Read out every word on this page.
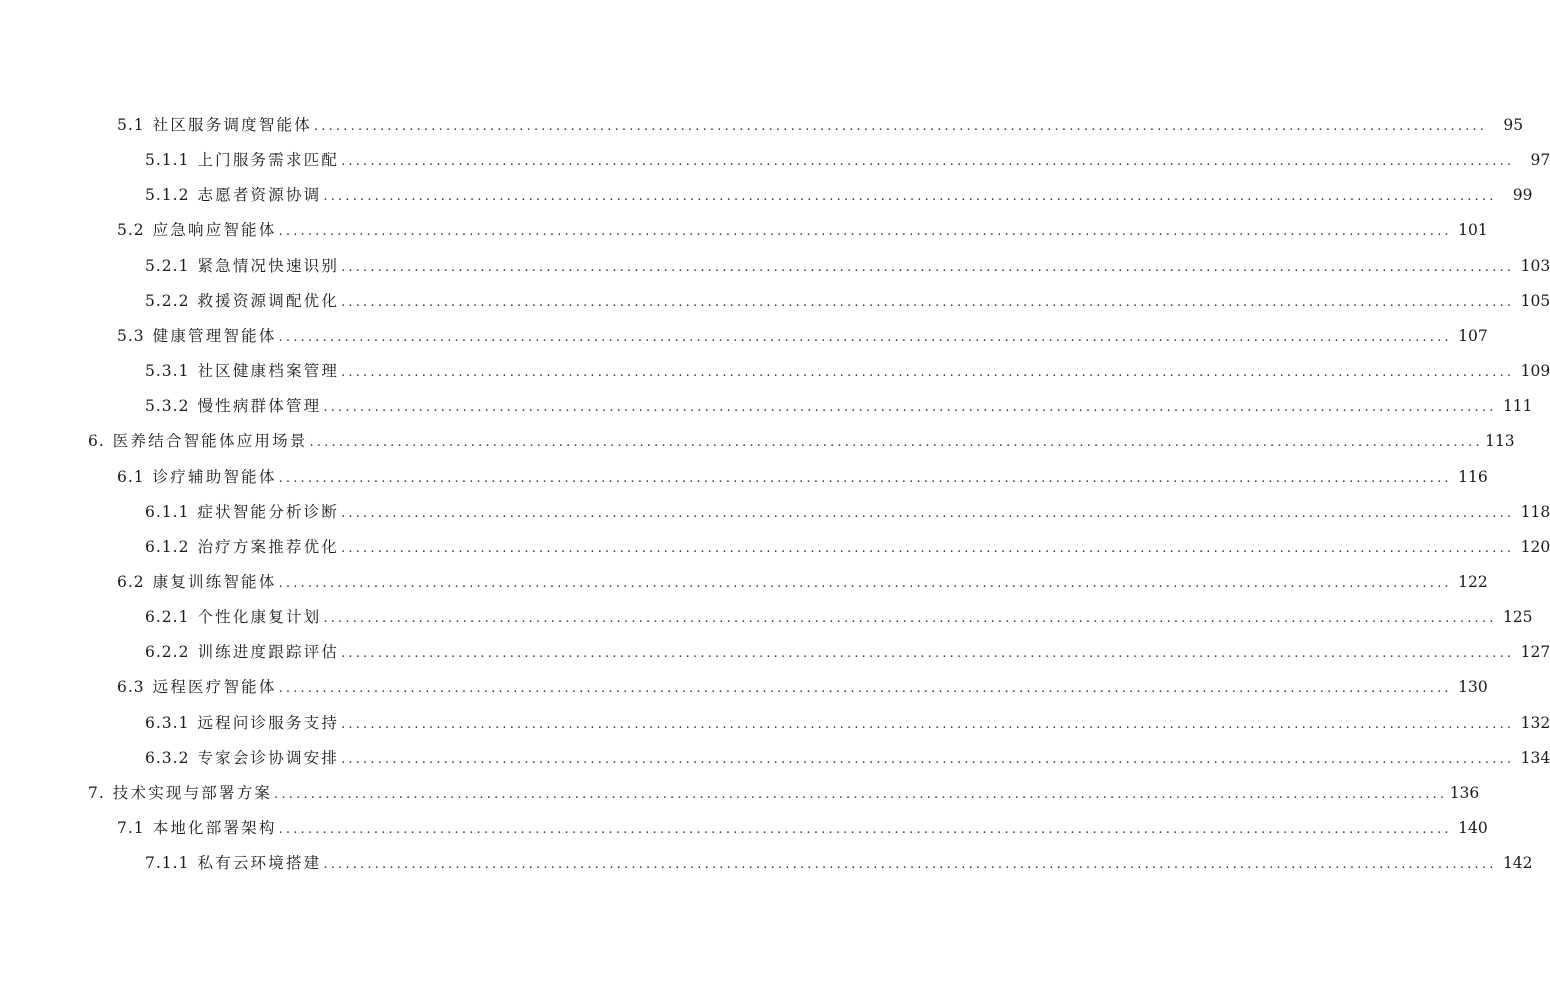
5.1 社区服务调度智能体 ................................................................................................................................................................	95
5.1.1 上门服务需求匹配 ................................................................................................................................................................	97
5.1.2 志愿者资源协调 ................................................................................................................................................................	99
5.2 应急响应智能体 ................................................................................................................................................................ 101
5.2.1 紧急情况快速识别 ................................................................................................................................................................ 103
5.2.2 救援资源调配优化 ................................................................................................................................................................ 105
5.3 健康管理智能体 ................................................................................................................................................................ 107
5.3.1 社区健康档案管理 ................................................................................................................................................................ 109
5.3.2 慢性病群体管理 ................................................................................................................................................................ 111
6. 医养结合智能体应用场景 ................................................................................................................................................................ 113
6.1 诊疗辅助智能体 ................................................................................................................................................................ 116
6.1.1 症状智能分析诊断 ................................................................................................................................................................ 118
6.1.2 治疗方案推荐优化 ................................................................................................................................................................ 120
6.2 康复训练智能体 ................................................................................................................................................................ 122
6.2.1 个性化康复计划 ................................................................................................................................................................ 125
6.2.2 训练进度跟踪评估 ................................................................................................................................................................ 127
6.3 远程医疗智能体 ................................................................................................................................................................ 130
6.3.1 远程问诊服务支持 ................................................................................................................................................................ 132
6.3.2 专家会诊协调安排 ................................................................................................................................................................ 134
7. 技术实现与部署方案 ................................................................................................................................................................ 136
7.1 本地化部署架构 ................................................................................................................................................................ 140
7.1.1 私有云环境搭建 ................................................................................................................................................................ 142
